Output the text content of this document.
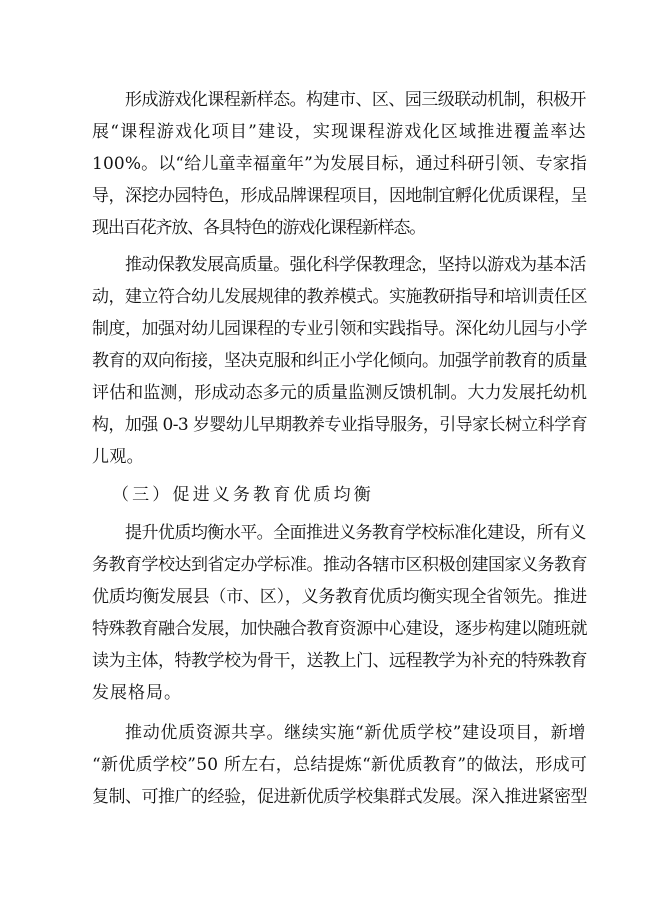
形成游戏化课程新样态。构建市、区、园三级联动机制，积极开
展“课程游戏化项目”建设，实现课程游戏化区域推进覆盖率达
100%。以“给儿童幸福童年”为发展目标，通过科研引领、专家指
导，深挖办园特色，形成品牌课程项目，因地制宜孵化优质课程，呈
现出百花齐放、各具特色的游戏化课程新样态。
推动保教发展高质量。强化科学保教理念，坚持以游戏为基本活
动，建立符合幼儿发展规律的教养模式。实施教研指导和培训责任区
制度，加强对幼儿园课程的专业引领和实践指导。深化幼儿园与小学
教育的双向衔接，坚决克服和纠正小学化倾向。加强学前教育的质量
评估和监测，形成动态多元的质量监测反馈机制。大力发展托幼机
构，加强 0-3 岁婴幼儿早期教养专业指导服务，引导家长树立科学育
儿观。
（三）促进义务教育优质均衡
提升优质均衡水平。全面推进义务教育学校标准化建设，所有义
务教育学校达到省定办学标准。推动各辖市区积极创建国家义务教育
优质均衡发展县（市、区），义务教育优质均衡实现全省领先。推进
特殊教育融合发展，加快融合教育资源中心建设，逐步构建以随班就
读为主体，特教学校为骨干，送教上门、远程教学为补充的特殊教育
发展格局。
推动优质资源共享。继续实施“新优质学校”建设项目，新增
“新优质学校”50 所左右，总结提炼“新优质教育”的做法，形成可
复制、可推广的经验，促进新优质学校集群式发展。深入推进紧密型
